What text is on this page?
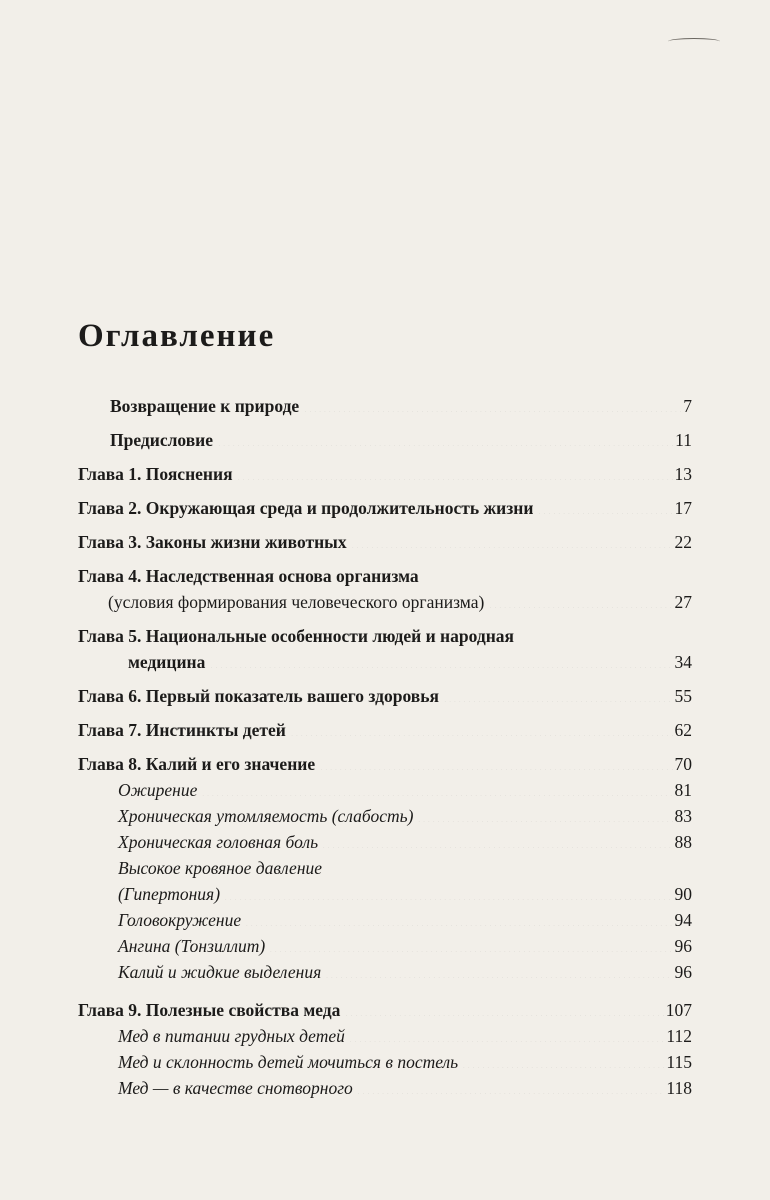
Оглавление
Возвращение к природе .....	7
Предисловие .....	11
Глава 1. Пояснения .....	13
Глава 2. Окружающая среда и продолжительность жизни .....	17
Глава 3. Законы жизни животных .....	22
Глава 4. Наследственная основа организма
(условия формирования человеческого организма) .....	27
Глава 5. Национальные особенности людей и народная
медицина .....	34
Глава 6. Первый показатель вашего здоровья .....	55
Глава 7. Инстинкты детей .....	62
Глава 8. Калий и его значение .....	70
Ожирение .....	81
Хроническая утомляемость (слабость) .....	83
Хроническая головная боль .....	88
Высокое кровяное давление
(Гипертония) .....	90
Головокружение .....	94
Ангина (Тонзиллит) .....	96
Калий и жидкие выделения .....	96
Глава 9. Полезные свойства меда .....	107
Мед в питании грудных детей .....	112
Мед и склонность детей мочиться в постель .....	115
Мед — в качестве снотворного .....	118
